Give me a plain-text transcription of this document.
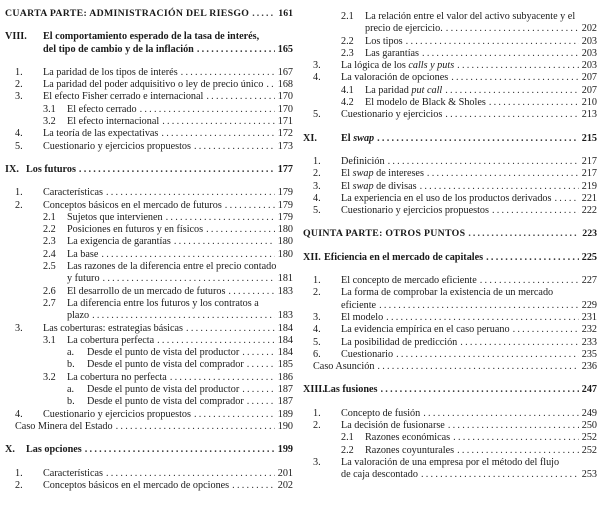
CUARTA PARTE: ADMINISTRACIÓN DEL RIESGO . . .	161
VIII.	El comportamiento esperado de la tasa de interés,
del tipo de cambio y de la inflación . . .	165
1.	La paridad de los tipos de interés . . .	167
2.	La paridad del poder adquisitivo o ley de precio único . . . 168
3.	El efecto Fisher cerrado e internacional . . .	170
3.1	El efecto cerrado . . .	170
3.2	El efecto internacional . . .	171
4.	La teoría de las expectativas . . .	172
5.	Cuestionario y ejercicios propuestos . . .	173
IX. Los futuros . . .	177
1.	Características . . .	179
2.	Conceptos básicos en el mercado de futuros . . .	179
2.1	Sujetos que intervienen . . .	179
2.2	Posiciones en futuros y en físicos . . .	180
2.3	La exigencia de garantías . . .	180
2.4	La base . . .	180
2.5	Las razones de la diferencia entre el precio contado
y futuro . . .	181
2.6	El desarrollo de un mercado de futuros . . .	183
2.7	La diferencia entre los futuros y los contratos a
plazo . . .	183
3.	Las coberturas: estrategias básicas . . .	184
3.1	La cobertura perfecta . . .	184
a.	Desde el punto de vista del productor . . .	184
b.	Desde el punto de vista del comprador . . .	185
3.2	La cobertura no perfecta . . .	186
a.	Desde el punto de vista del productor . . .	187
b.	Desde el punto de vista del comprador . . .	187
4.	Cuestionario y ejercicios propuestos . . .	189
Caso Minera del Estado . . .	190
X.	Las opciones . . .	199
1.	Características . . .	201
2.	Conceptos básicos en el mercado de opciones . . .	202
2.1	La relación entre el valor del activo subyacente y el
precio de ejercicio. . . .	202
2.2	Los tipos . . .	203
2.3	Las garantías . . .	203
3.	La lógica de los calls y puts . . .	203
4.	La valoración de opciones . . .	207
4.1	La paridad put call . . .	207
4.2	El modelo de Black & Sholes . . .	210
5.	Cuestionario y ejercicios . . .	213
XI.	El swap . . .	215
1.	Definición . . .	217
2.	El swap de intereses . . .	217
3.	El swap de divisas . . .	219
4.	La experiencia en el uso de los productos derivados . . .	221
5.	Cuestionario y ejercicios propuestos . . .	222
QUINTA PARTE: OTROS PUNTOS . . .	223
XII. Eficiencia en el mercado de capitales . . .	225
1.	El concepto de mercado eficiente . . .	227
2.	La forma de comprobar la existencia de un mercado
eficiente . . .	229
3.	El modelo . . .	231
4.	La evidencia empírica en el caso peruano . . .	232
5.	La posibilidad de predicción . . .	233
6.	Cuestionario . . .	235
Caso Asunción . . .	236
XIII. Las fusiones . . .	247
1.	Concepto de fusión . . .	249
2.	La decisión de fusionarse . . .	250
2.1	Razones económicas . . .	252
2.2	Razones coyunturales . . .	252
3.	La valoración de una empresa por el método del flujo
de caja descontado . . .	253
